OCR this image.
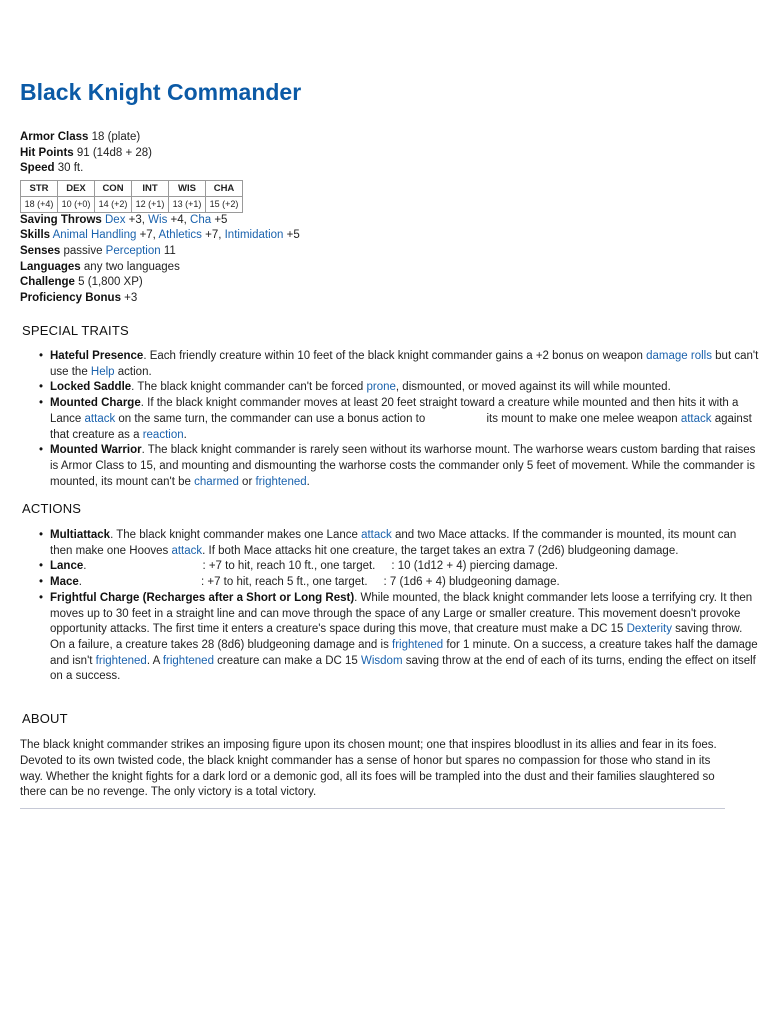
Black Knight Commander
Armor Class 18 (plate)
Hit Points 91 (14d8 + 28)
Speed 30 ft.
STR	DEX	CON	INT	WIS	CHA
18 (+4)	10 (+0)	14 (+2)	12 (+1)	13 (+1)	15 (+2)
Saving Throws Dex +3, Wis +4, Cha +5
Skills Animal Handling +7, Athletics +7, Intimidation +5
Senses passive Perception 11
Languages any two languages
Challenge 5 (1,800 XP)
Proficiency Bonus +3
SPECIAL TRAITS
• Hateful Presence. Each friendly creature within 10 feet of the black knight commander gains a +2 bonus on weapon damage rolls but can't use the Help action.
• Locked Saddle. The black knight commander can't be forced prone, dismounted, or moved against its will while mounted.
• Mounted Charge. If the black knight commander moves at least 20 feet straight toward a creature while mounted and then hits it with a Lance attack on the same turn, the commander can use a bonus action to	its mount to make one melee weapon attack against that creature as a reaction.
• Mounted Warrior. The black knight commander is rarely seen without its warhorse mount. The warhorse wears custom barding that raises is Armor Class to 15, and mounting and dismounting the warhorse costs the commander only 5 feet of movement. While the commander is mounted, its mount can't be charmed or frightened.
ACTIONS
• Multiattack. The black knight commander makes one Lance attack and two Mace attacks. If the commander is mounted, its mount can then make one Hooves attack. If both Mace attacks hit one creature, the target takes an extra 7 (2d6) bludgeoning damage.
• Lance.	: +7 to hit, reach 10 ft., one target. : 10 (1d12 + 4) piercing damage.
• Mace.	: +7 to hit, reach 5 ft., one target. : 7 (1d6 + 4) bludgeoning damage.
• Frightful Charge (Recharges after a Short or Long Rest). While mounted, the black knight commander lets loose a terrifying cry. It then moves up to 30 feet in a straight line and can move through the space of any Large or smaller creature. This movement doesn't provoke opportunity attacks. The first time it enters a creature's space during this move, that creature must make a DC 15 Dexterity saving throw. On a failure, a creature takes 28 (8d6) bludgeoning damage and is frightened for 1 minute. On a success, a creature takes half the damage and isn't frightened. A frightened creature can make a DC 15 Wisdom saving throw at the end of each of its turns, ending the effect on itself on a success.
ABOUT

The black knight commander strikes an imposing figure upon its chosen mount; one that inspires bloodlust in its allies and fear in its foes. Devoted to its own twisted code, the black knight commander has a sense of honor but spares no compassion for those who stand in its way. Whether the knight fights for a dark lord or a demonic god, all its foes will be trampled into the dust and their families slaughtered so there can be no revenge. The only victory is a total victory.
